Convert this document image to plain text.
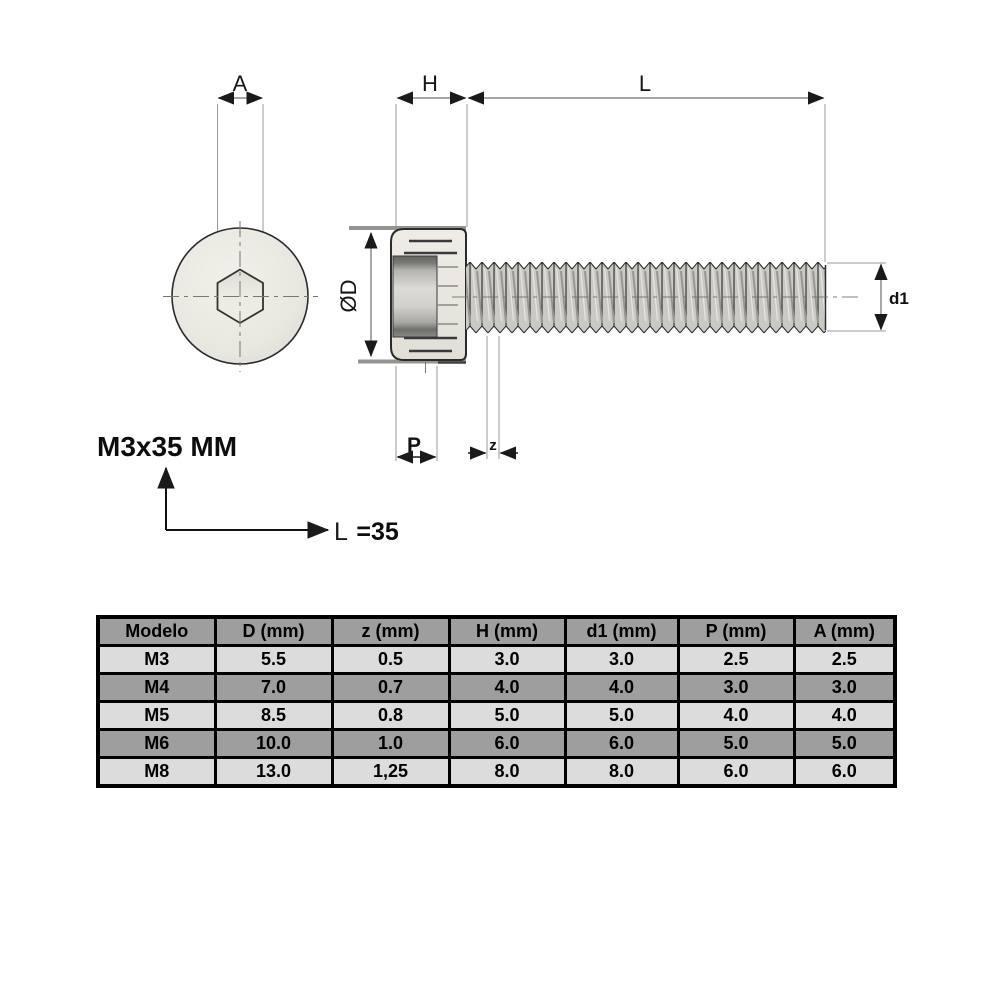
A	H	L
ØD	d1
P	z
M3x35 MM
L =35
Modelo	D (mm)	z (mm)	H (mm)	d1 (mm)	P (mm)	A (mm)
M3	5.5	0.5	3.0	3.0	2.5	2.5
M4	7.0	0.7	4.0	4.0	3.0	3.0
M5	8.5	0.8	5.0	5.0	4.0	4.0
M6	10.0	1.0	6.0	6.0	5.0	5.0
M8	13.0	1,25	8.0	8.0	6.0	6.0
